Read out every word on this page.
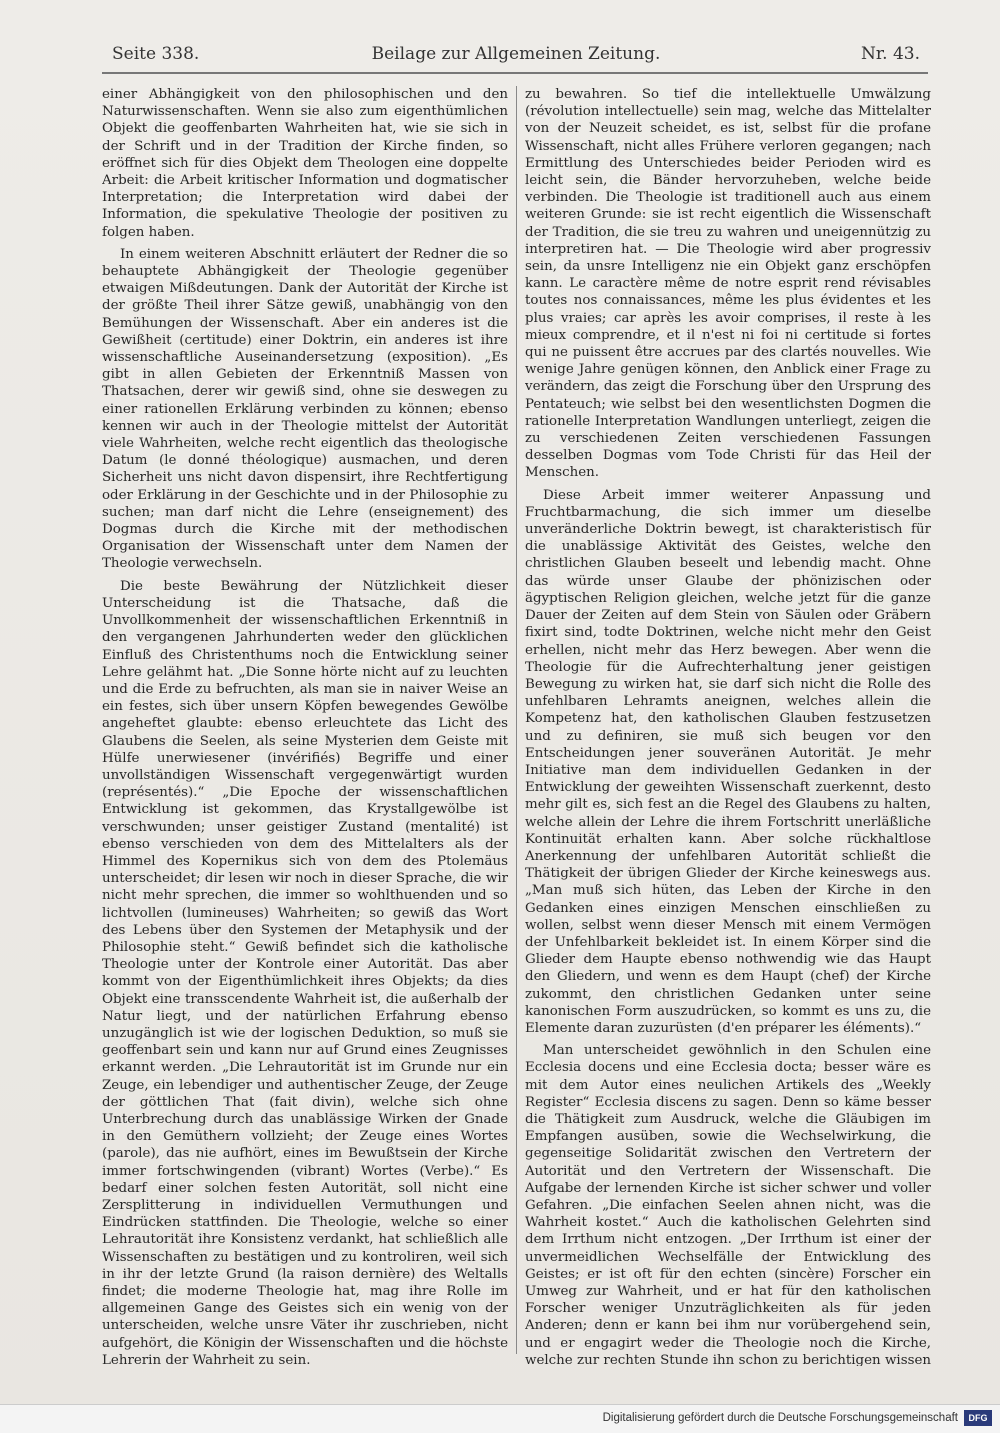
Seite 338.	Beilage zur Allgemeinen Zeitung.	Nr. 43.

einer Abhängigkeit von den philosophischen und den Naturwissenschaften. Wenn sie also zum eigenthümlichen Objekt die geoffenbarten Wahrheiten hat, wie sie sich in der Schrift und in der Tradition der Kirche finden, so eröffnet sich für dies Objekt dem Theologen eine doppelte Arbeit: die Arbeit kritischer Information und dogmatischer Interpretation; die Interpretation wird dabei der Information, die spekulative Theologie der positiven zu folgen haben.

In einem weiteren Abschnitt erläutert der Redner die so behauptete Abhängigkeit der Theologie gegenüber etwaigen Mißdeutungen. Dank der Autorität der Kirche ist der größte Theil ihrer Sätze gewiß, unabhängig von den Bemühungen der Wissenschaft. Aber ein anderes ist die Gewißheit (certitude) einer Doktrin, ein anderes ist ihre wissenschaftliche Auseinandersetzung (exposition). „Es gibt in allen Gebieten der Erkenntniß Massen von Thatsachen, derer wir gewiß sind, ohne sie deswegen zu einer rationellen Erklärung verbinden zu können; ebenso kennen wir auch in der Theologie mittelst der Autorität viele Wahrheiten, welche recht eigentlich das theologische Datum (le donné théologique) ausmachen, und deren Sicherheit uns nicht davon dispensirt, ihre Rechtfertigung oder Erklärung in der Geschichte und in der Philosophie zu suchen; man darf nicht die Lehre (enseignement) des Dogmas durch die Kirche mit der methodischen Organisation der Wissenschaft unter dem Namen der Theologie verwechseln.

Die beste Bewährung der Nützlichkeit dieser Unterscheidung ist die Thatsache, daß die Unvollkommenheit der wissenschaftlichen Erkenntniß in den vergangenen Jahrhunderten weder den glücklichen Einfluß des Christenthums noch die Entwicklung seiner Lehre gelähmt hat. „Die Sonne hörte nicht auf zu leuchten und die Erde zu befruchten, als man sie in naiver Weise an ein festes, sich über unsern Köpfen bewegendes Gewölbe angeheftet glaubte: ebenso erleuchtete das Licht des Glaubens die Seelen, als seine Mysterien dem Geiste mit Hülfe unerwiesener (invérifiés) Begriffe und einer unvollständigen Wissenschaft vergegenwärtigt wurden (représentés).“ „Die Epoche der wissenschaftlichen Entwicklung ist gekommen, das Krystallgewölbe ist verschwunden; unser geistiger Zustand (mentalité) ist ebenso verschieden von dem des Mittelalters als der Himmel des Kopernikus sich von dem des Ptolemäus unterscheidet; dir lesen wir noch in dieser Sprache, die wir nicht mehr sprechen, die immer so wohlthuenden und so lichtvollen (lumineuses) Wahrheiten; so gewiß das Wort des Lebens über den Systemen der Metaphysik und der Philosophie steht.“ Gewiß befindet sich die katholische Theologie unter der Kontrole einer Autorität. Das aber kommt von der Eigenthümlichkeit ihres Objekts; da dies Objekt eine transscendente Wahrheit ist, die außerhalb der Natur liegt, und der natürlichen Erfahrung ebenso unzugänglich ist wie der logischen Deduktion, so muß sie geoffenbart sein und kann nur auf Grund eines Zeugnisses erkannt werden. „Die Lehrautorität ist im Grunde nur ein Zeuge, ein lebendiger und authentischer Zeuge, der Zeuge der göttlichen That (fait divin), welche sich ohne Unterbrechung durch das unablässige Wirken der Gnade in den Gemüthern vollzieht; der Zeuge eines Wortes (parole), das nie aufhört, eines im Bewußtsein der Kirche immer fortschwingenden (vibrant) Wortes (Verbe).“ Es bedarf einer solchen festen Autorität, soll nicht eine Zersplitterung in individuellen Vermuthungen und Eindrücken stattfinden. Die Theologie, welche so einer Lehrautorität ihre Konsistenz verdankt, hat schließlich alle Wissenschaften zu bestätigen und zu kontroliren, weil sich in ihr der letzte Grund (la raison dernière) des Weltalls findet; die moderne Theologie hat, mag ihre Rolle im allgemeinen Gange des Geistes sich ein wenig von der unterscheiden, welche unsre Väter ihr zuschrieben, nicht aufgehört, die Königin der Wissenschaften und die höchste Lehrerin der Wahrheit zu sein.

zu bewahren. So tief die intellektuelle Umwälzung (révolution intellectuelle) sein mag, welche das Mittelalter von der Neuzeit scheidet, es ist, selbst für die profane Wissenschaft, nicht alles Frühere verloren gegangen; nach Ermittlung des Unterschiedes beider Perioden wird es leicht sein, die Bänder hervorzuheben, welche beide verbinden. Die Theologie ist traditionell auch aus einem weiteren Grunde: sie ist recht eigentlich die Wissenschaft der Tradition, die sie treu zu wahren und uneigennützig zu interpretiren hat. — Die Theologie wird aber progressiv sein, da unsre Intelligenz nie ein Objekt ganz erschöpfen kann. Le caractère même de notre esprit rend révisables toutes nos connaissances, même les plus évidentes et les plus vraies; car après les avoir comprises, il reste à les mieux comprendre, et il n'est ni foi ni certitude si fortes qui ne puissent être accrues par des clartés nouvelles. Wie wenige Jahre genügen können, den Anblick einer Frage zu verändern, das zeigt die Forschung über den Ursprung des Pentateuch; wie selbst bei den wesentlichsten Dogmen die rationelle Interpretation Wandlungen unterliegt, zeigen die zu verschiedenen Zeiten verschiedenen Fassungen desselben Dogmas vom Tode Christi für das Heil der Menschen.

Diese Arbeit immer weiterer Anpassung und Fruchtbarmachung, die sich immer um dieselbe unveränderliche Doktrin bewegt, ist charakteristisch für die unablässige Aktivität des Geistes, welche den christlichen Glauben beseelt und lebendig macht. Ohne das würde unser Glaube der phönizischen oder ägyptischen Religion gleichen, welche jetzt für die ganze Dauer der Zeiten auf dem Stein von Säulen oder Gräbern fixirt sind, todte Doktrinen, welche nicht mehr den Geist erhellen, nicht mehr das Herz bewegen. Aber wenn die Theologie für die Aufrechterhaltung jener geistigen Bewegung zu wirken hat, sie darf sich nicht die Rolle des unfehlbaren Lehramts aneignen, welches allein die Kompetenz hat, den katholischen Glauben festzusetzen und zu definiren, sie muß sich beugen vor den Entscheidungen jener souveränen Autorität. Je mehr Initiative man dem individuellen Gedanken in der Entwicklung der geweihten Wissenschaft zuerkennt, desto mehr gilt es, sich fest an die Regel des Glaubens zu halten, welche allein der Lehre die ihrem Fortschritt unerläßliche Kontinuität erhalten kann. Aber solche rückhaltlose Anerkennung der unfehlbaren Autorität schließt die Thätigkeit der übrigen Glieder der Kirche keineswegs aus. „Man muß sich hüten, das Leben der Kirche in den Gedanken eines einzigen Menschen einschließen zu wollen, selbst wenn dieser Mensch mit einem Vermögen der Unfehlbarkeit bekleidet ist. In einem Körper sind die Glieder dem Haupte ebenso nothwendig wie das Haupt den Gliedern, und wenn es dem Haupt (chef) der Kirche zukommt, den christlichen Gedanken unter seine kanonischen Form auszudrücken, so kommt es uns zu, die Elemente daran zuzurüsten (d'en préparer les éléments).“

Man unterscheidet gewöhnlich in den Schulen eine Ecclesia docens und eine Ecclesia docta; besser wäre es mit dem Autor eines neulichen Artikels des „Weekly Register“ Ecclesia discens zu sagen. Denn so käme besser die Thätigkeit zum Ausdruck, welche die Gläubigen im Empfangen ausüben, sowie die Wechselwirkung, die gegenseitige Solidarität zwischen den Vertretern der Autorität und den Vertretern der Wissenschaft. Die Aufgabe der lernenden Kirche ist sicher schwer und voller Gefahren. „Die einfachen Seelen ahnen nicht, was die Wahrheit kostet.“ Auch die katholischen Gelehrten sind dem Irrthum nicht entzogen. „Der Irrthum ist einer der unvermeidlichen Wechselfälle der Entwicklung des Geistes; er ist oft für den echten (sincère) Forscher ein Umweg zur Wahrheit, und er hat für den katholischen Forscher weniger Unzuträglichkeiten als für jeden Anderen; denn er kann bei ihm nur vorübergehend sein, und er engagirt weder die Theologie noch die Kirche, welche zur rechten Stunde ihn schon zu berichtigen wissen

Digitalisierung gefördert durch die Deutsche Forschungsgemeinschaft	DFG
